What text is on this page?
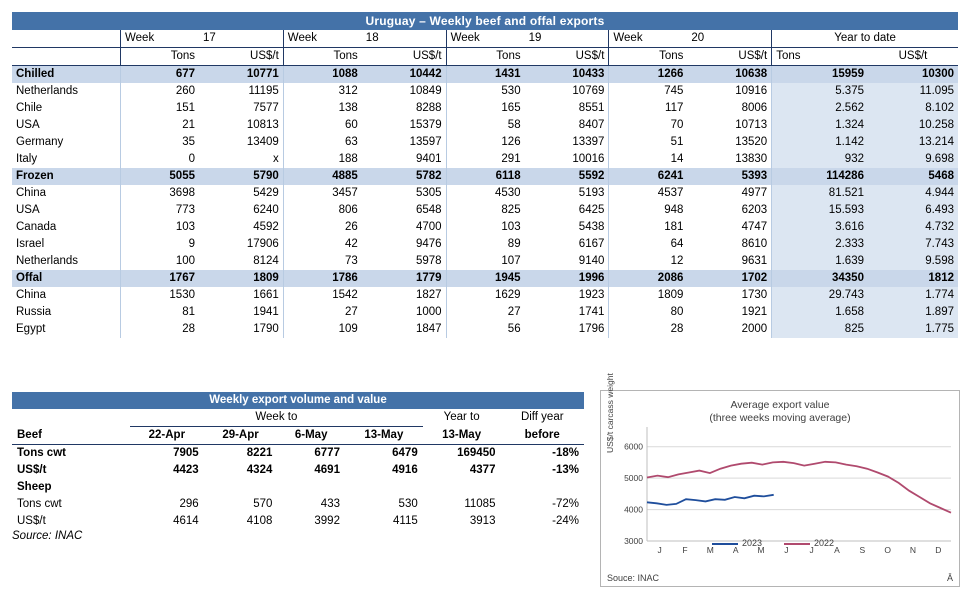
Uruguay – Weekly beef and offal exports										
	Week	17	Week	18	Week	19	Week	20	Year to date	
	Tons	US$/t	Tons	US$/t	Tons	US$/t	Tons	US$/t	Tons	US$/t
Chilled	677	10771	1088	10442	1431	10433	1266	10638	15959	10300
Netherlands	260	11195	312	10849	530	10769	745	10916	5.375	11.095
Chile	151	7577	138	8288	165	8551	117	8006	2.562	8.102
USA	21	10813	60	15379	58	8407	70	10713	1.324	10.258
Germany	35	13409	63	13597	126	13397	51	13520	1.142	13.214
Italy	0	x	188	9401	291	10016	14	13830	932	9.698
Frozen	5055	5790	4885	5782	6118	5592	6241	5393	114286	5468
China	3698	5429	3457	5305	4530	5193	4537	4977	81.521	4.944
USA	773	6240	806	6548	825	6425	948	6203	15.593	6.493
Canada	103	4592	26	4700	103	5438	181	4747	3.616	4.732
Israel	9	17906	42	9476	89	6167	64	8610	2.333	7.743
Netherlands	100	8124	73	5978	107	9140	12	9631	1.639	9.598
Offal	1767	1809	1786	1779	1945	1996	2086	1702	34350	1812
China	1530	1661	1542	1827	1629	1923	1809	1730	29.743	1.774
Russia	81	1941	27	1000	27	1741	80	1921	1.658	1.897
Egypt	28	1790	109	1847	56	1796	28	2000	825	1.775
Weekly export volume and value						
	Week to				Year to	Diff year
Beef	22-Apr	29-Apr	6-May	13-May	13-May	before
Tons cwt	7905	8221	6777	6479	169450	-18%
US$/t	4423	4324	4691	4916	4377	-13%
Sheep						
Tons cwt	296	570	433	530	11085	-72%
US$/t	4614	4108	3992	4115	3913	-24%
Source: INAC
Average export value
(three weeks moving average)
US$/t carcass weight
3000
4000
5000
6000
J F M A M J J A S O N D
2023	2022
Souce: INAC	Ā
